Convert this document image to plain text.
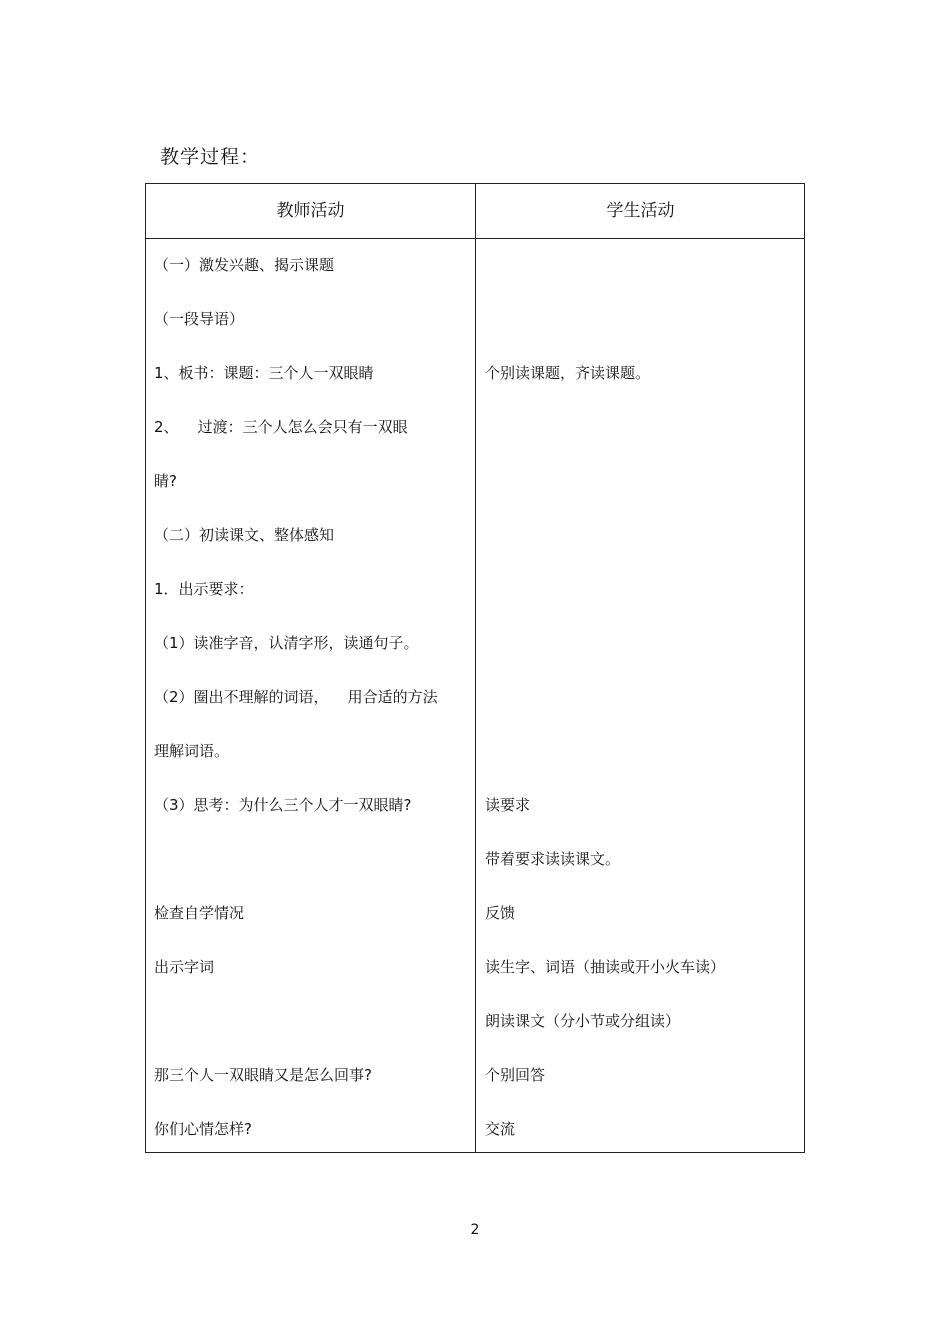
教学过程：
教师活动	学生活动
（一）激发兴趣、揭示课题
（一段导语）
1、板书：课题：三个人一双眼睛
2、    过渡：三个人怎么会只有一双眼
睛?
（二）初读课文、整体感知
1．出示要求：
（1）读准字音，认清字形，读通句子。
（2）圈出不理解的词语，    用合适的方法
理解词语。
（3）思考：为什么三个人才一双眼睛?
检查自学情况
出示字词
那三个人一双眼睛又是怎么回事?
你们心情怎样?
个别读课题，齐读课题。
读要求
带着要求读读课文。
反馈
读生字、词语（抽读或开小火车读）
朗读课文（分小节或分组读）
个别回答
交流
2
